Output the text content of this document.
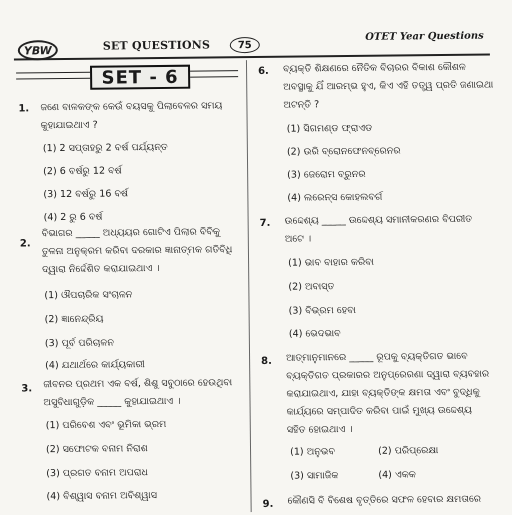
YBW	SET QUESTIONS	75
OTET Year Questions
SET - 6
1. ଜଣେ ବାଳକଙ୍କ କେଉଁ ବୟସକୁ ପିଲାବେଳର ସମୟ
କୁହାଯାଇଥାଏ ?
(1) 2 ସପ୍ତାହରୁ 2 ବର୍ଷ ପର୍ଯ୍ୟନ୍ତ
(2) 6 ବର୍ଷରୁ 12 ବର୍ଷ
(3) 12 ବର୍ଷରୁ 16 ବର୍ଷ
(4) 2 ରୁ 6 ବର୍ଷ
2.
ବିଭାଗର _____ ଅଧ୍ୟୟର ଗୋଟିଏ ପିଲାର ବିବିକୁ
ତୁଳନା ଅନୁକ୍ରମ କରିବା ଦରକାର ଜ୍ଞାନାତ୍ମକ ଗତିବିଧି
ଦ୍ୱାରା ନିର୍ଦ୍ଦେଶିତ କରାଯାଇଥାଏ ।
(1) ଔପଚାରିକ ସଂଚାଳନ
(2) ଜ୍ଞାନେନ୍ଦ୍ରିୟ
(3) ପୂର୍ବ ପରିଚାଳନ
(4) ଯଥାର୍ଥରେ କାର୍ଯ୍ୟକାରୀ
3. ଜୀବନର ପ୍ରଥମ ଏକ ବର୍ଷ, ଶିଶୁ ସବୁଠାରେ ହେଉଥିବା
ଅସୁବିଧାଗୁଡ଼ିକ _____ କୁହାଯାଇଥାଏ ।
(1) ପରିବେଶ ଏବଂ ଭୂମିକା ଭ୍ରମ
(2) ସଫୋଟକ ବନାମ ନିରାଶ
(3) ପ୍ରଗତ ବନାମ ଅପରାଧ
(4) ବିଶ୍ୱାସ ବନାମ ଅବିଶ୍ୱାସ
6. ବ୍ୟକ୍ତି ଶିକ୍ଷଣରେ ନୈତିକ ବିଚାରର ବିକାଶ କୌଶଳ
ଅବସ୍ଥାକୁ ଯିଁ ଆରମ୍ଭ ହୁଏ, କିଏ ଏହି ତତ୍ତ୍ୱ ପ୍ରତି ଜଣାଇଥା
ଅଟନ୍ତି ?
(1) ସିଗମଣ୍ଡ ଫ୍ରାଏଡ
(2) ଉରି ବ୍ରୋନଫେନବ୍ରେନର
(3) ଜେରୋମ ବ୍ରୁନର
(4) ଲରେନ୍ସ କୋହଲବର୍ଗ
7. ଉଦ୍ଦେଶ୍ୟ _____ ଉଦ୍ଦେଶ୍ୟ ସମାନୀକରଣର ବିପରୀତ
ଅଟେ ।
(1) ଭାବ ବାହାର କରିବା
(2) ଅବାସ୍ତ
(3) ବିଭ୍ରମ ହେବା
(4) ଭେଦଭାବ
8. ଆତ୍ମାନୁମାନରେ _____ ରୂପକୁ ବ୍ୟକ୍ତିଗତ ଭାବେ
ବ୍ୟକ୍ତିଗତ ପ୍ରକାରର ଅନୁପ୍ରେରଣା ଦ୍ୱାରା ବ୍ୟବହାର
କରାଯାଇଥାଏ, ଯାହା ବ୍ୟକ୍ତିଙ୍କ କ୍ଷମତା ଏବଂ ବୁଦ୍ଧିକୁ
କାର୍ଯ୍ୟରେ ସମ୍ପାଦିତ କରିବା ପାଇଁ ମୁଖ୍ୟ ଉଦ୍ଦେଶ୍ୟ
ସହିତ ହୋଇଥାଏ ।
(1) ଅନୁଭବ	(2) ପରିପ୍ରେକ୍ଷା
(3) ସାମାଜିକ	(4) ଏକକ
9. କୌଣସି ବି ବିଶେଷ ବୃତ୍ତିରେ ସଫଳ ହେବାର କ୍ଷମତାରେ
